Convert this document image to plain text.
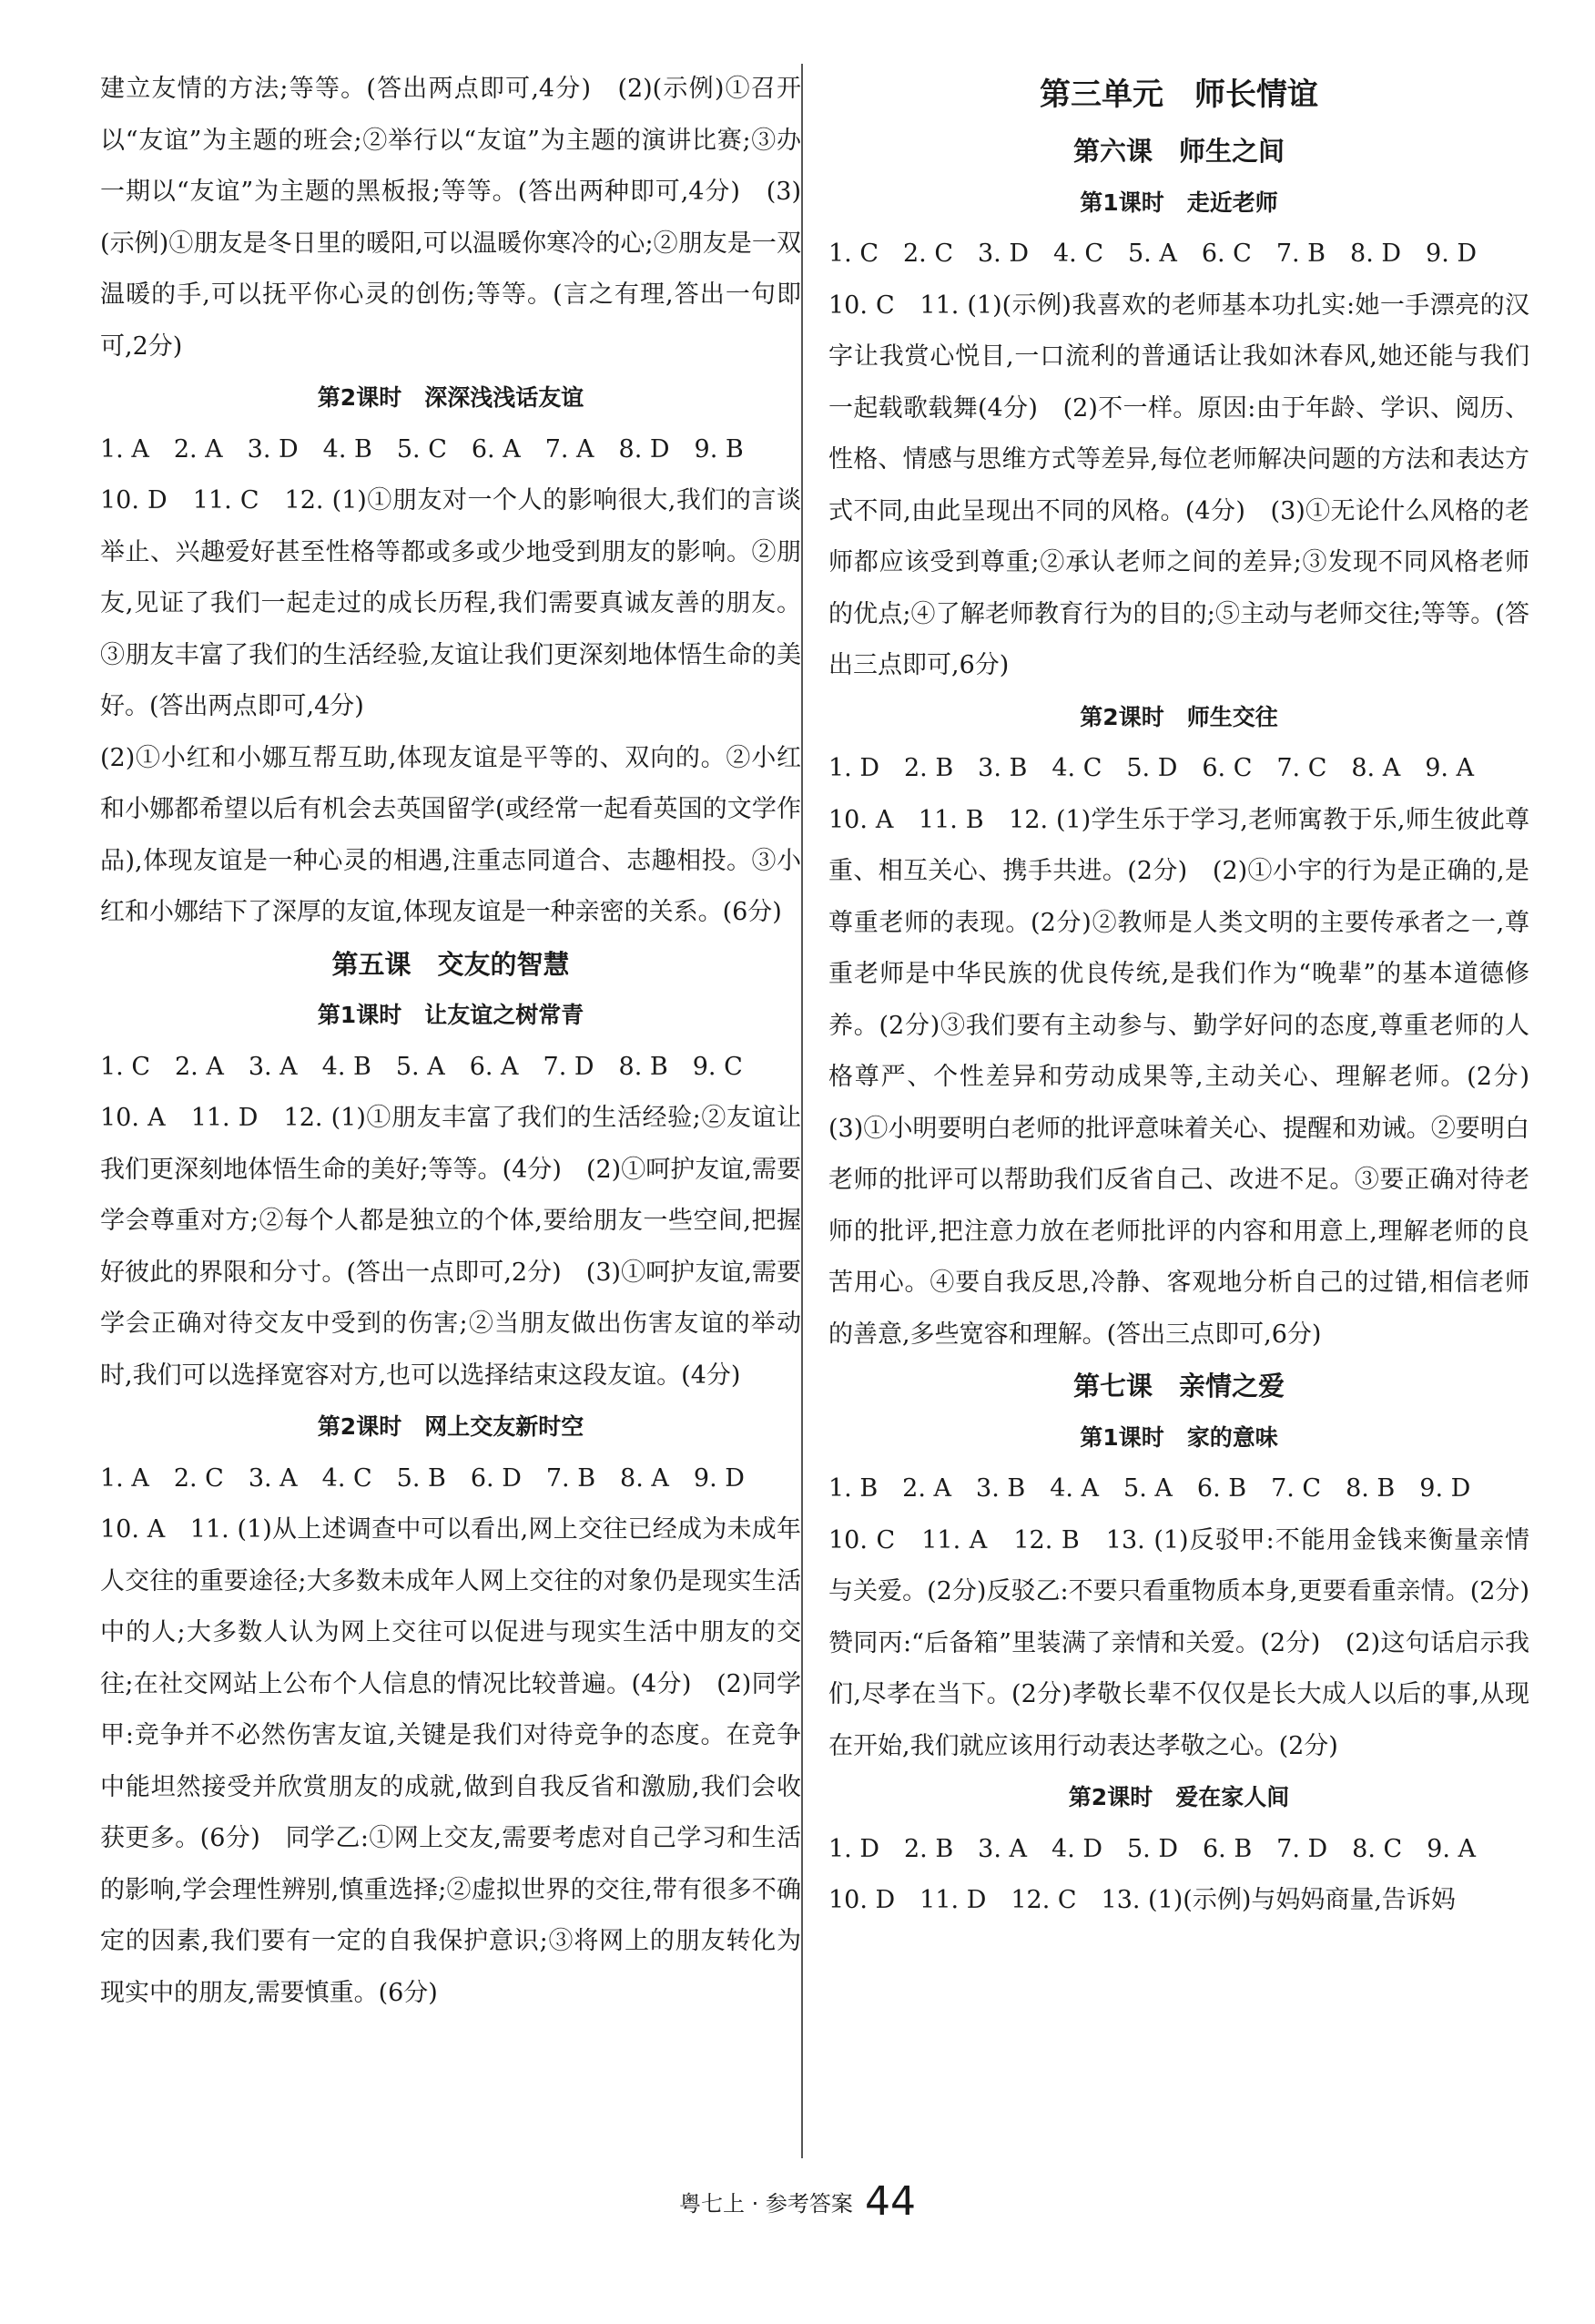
建立友情的方法;等等。(答出两点即可,4分)　(2)(示例)①召开以“友谊”为主题的班会;②举行以“友谊”为主题的演讲比赛;③办一期以“友谊”为主题的黑板报;等等。(答出两种即可,4分)　(3)(示例)①朋友是冬日里的暖阳,可以温暖你寒冷的心;②朋友是一双温暖的手,可以抚平你心灵的创伤;等等。(言之有理,答出一句即可,2分)

第2课时　深深浅浅话友谊

1. A　2. A　3. D　4. B　5. C　6. A　7. A　8. D　9. B

10. D　11. C　12. (1)①朋友对一个人的影响很大,我们的言谈举止、兴趣爱好甚至性格等都或多或少地受到朋友的影响。②朋友,见证了我们一起走过的成长历程,我们需要真诚友善的朋友。③朋友丰富了我们的生活经验,友谊让我们更深刻地体悟生命的美好。(答出两点即可,4分)

(2)①小红和小娜互帮互助,体现友谊是平等的、双向的。②小红和小娜都希望以后有机会去英国留学(或经常一起看英国的文学作品),体现友谊是一种心灵的相遇,注重志同道合、志趣相投。③小红和小娜结下了深厚的友谊,体现友谊是一种亲密的关系。(6分)

第五课　交友的智慧

第1课时　让友谊之树常青

1. C　2. A　3. A　4. B　5. A　6. A　7. D　8. B　9. C

10. A　11. D　12. (1)①朋友丰富了我们的生活经验;②友谊让我们更深刻地体悟生命的美好;等等。(4分)　(2)①呵护友谊,需要学会尊重对方;②每个人都是独立的个体,要给朋友一些空间,把握好彼此的界限和分寸。(答出一点即可,2分)　(3)①呵护友谊,需要学会正确对待交友中受到的伤害;②当朋友做出伤害友谊的举动时,我们可以选择宽容对方,也可以选择结束这段友谊。(4分)

第2课时　网上交友新时空

1. A　2. C　3. A　4. C　5. B　6. D　7. B　8. A　9. D

10. A　11. (1)从上述调查中可以看出,网上交往已经成为未成年人交往的重要途径;大多数未成年人网上交往的对象仍是现实生活中的人;大多数人认为网上交往可以促进与现实生活中朋友的交往;在社交网站上公布个人信息的情况比较普遍。(4分)　(2)同学甲:竞争并不必然伤害友谊,关键是我们对待竞争的态度。在竞争中能坦然接受并欣赏朋友的成就,做到自我反省和激励,我们会收获更多。(6分)　同学乙:①网上交友,需要考虑对自己学习和生活的影响,学会理性辨别,慎重选择;②虚拟世界的交往,带有很多不确定的因素,我们要有一定的自我保护意识;③将网上的朋友转化为现实中的朋友,需要慎重。(6分)

第三单元　师长情谊

第六课　师生之间

第1课时　走近老师

1. C　2. C　3. D　4. C　5. A　6. C　7. B　8. D　9. D

10. C　11. (1)(示例)我喜欢的老师基本功扎实:她一手漂亮的汉字让我赏心悦目,一口流利的普通话让我如沐春风,她还能与我们一起载歌载舞(4分)　(2)不一样。原因:由于年龄、学识、阅历、性格、情感与思维方式等差异,每位老师解决问题的方法和表达方式不同,由此呈现出不同的风格。(4分)　(3)①无论什么风格的老师都应该受到尊重;②承认老师之间的差异;③发现不同风格老师的优点;④了解老师教育行为的目的;⑤主动与老师交往;等等。(答出三点即可,6分)

第2课时　师生交往

1. D　2. B　3. B　4. C　5. D　6. C　7. C　8. A　9. A

10. A　11. B　12. (1)学生乐于学习,老师寓教于乐,师生彼此尊重、相互关心、携手共进。(2分)　(2)①小宇的行为是正确的,是尊重老师的表现。(2分)②教师是人类文明的主要传承者之一,尊重老师是中华民族的优良传统,是我们作为“晚辈”的基本道德修养。(2分)③我们要有主动参与、勤学好问的态度,尊重老师的人格尊严、个性差异和劳动成果等,主动关心、理解老师。(2分)　(3)①小明要明白老师的批评意味着关心、提醒和劝诫。②要明白老师的批评可以帮助我们反省自己、改进不足。③要正确对待老师的批评,把注意力放在老师批评的内容和用意上,理解老师的良苦用心。④要自我反思,冷静、客观地分析自己的过错,相信老师的善意,多些宽容和理解。(答出三点即可,6分)

第七课　亲情之爱

第1课时　家的意味

1. B　2. A　3. B　4. A　5. A　6. B　7. C　8. B　9. D

10. C　11. A　12. B　13. (1)反驳甲:不能用金钱来衡量亲情与关爱。(2分)反驳乙:不要只看重物质本身,更要看重亲情。(2分)赞同丙:“后备箱”里装满了亲情和关爱。(2分)　(2)这句话启示我们,尽孝在当下。(2分)孝敬长辈不仅仅是长大成人以后的事,从现在开始,我们就应该用行动表达孝敬之心。(2分)

第2课时　爱在家人间

1. D　2. B　3. A　4. D　5. D　6. B　7. D　8. C　9. A

10. D　11. D　12. C　13. (1)(示例)与妈妈商量,告诉妈

粤七上 · 参考答案 44
